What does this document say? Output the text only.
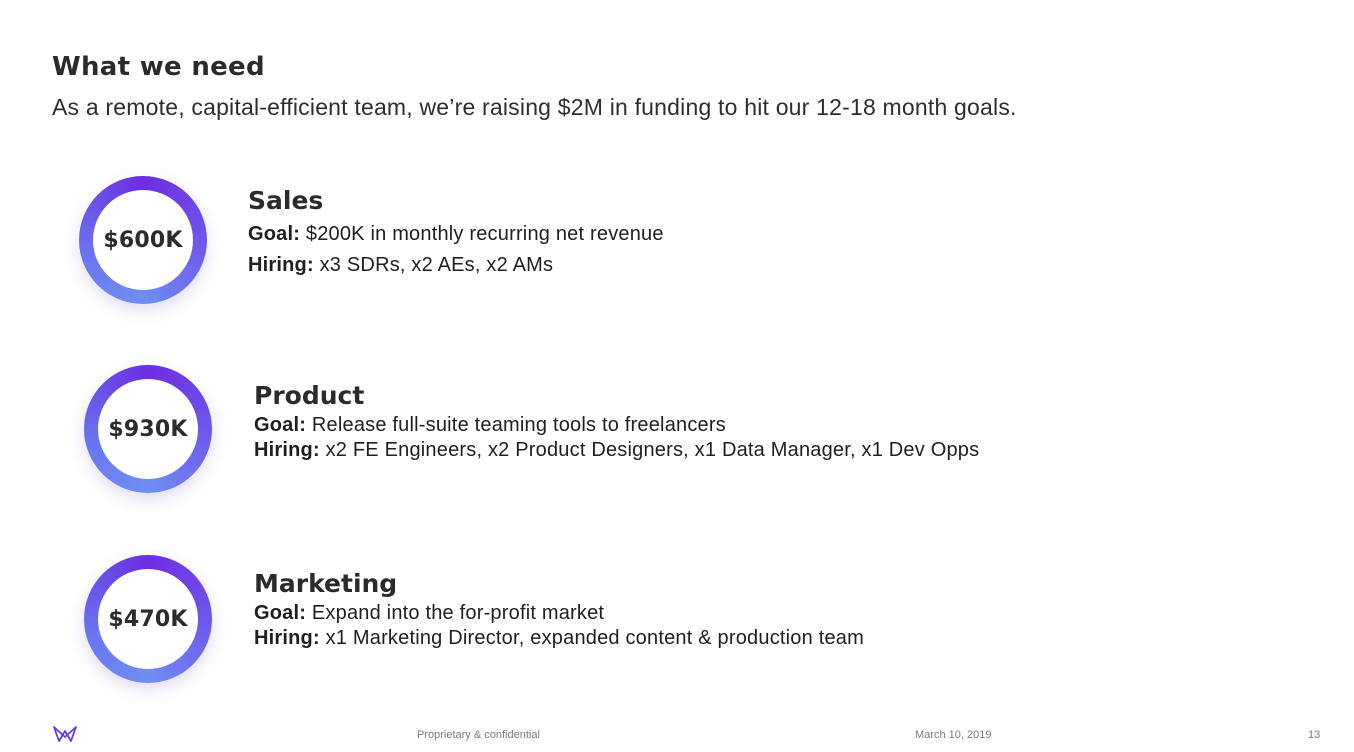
What we need
As a remote, capital-efficient team, we’re raising $2M in funding to hit our 12-18 month goals.
$600K
Sales
Goal: $200K in monthly recurring net revenue
Hiring: x3 SDRs, x2 AEs, x2 AMs
$930K
Product
Goal: Release full-suite teaming tools to freelancers
Hiring: x2 FE Engineers, x2 Product Designers, x1 Data Manager, x1 Dev Opps
$470K
Marketing
Goal: Expand into the for-profit market
Hiring: x1 Marketing Director, expanded content & production team
Proprietary & confidential	March 10, 2019	13
